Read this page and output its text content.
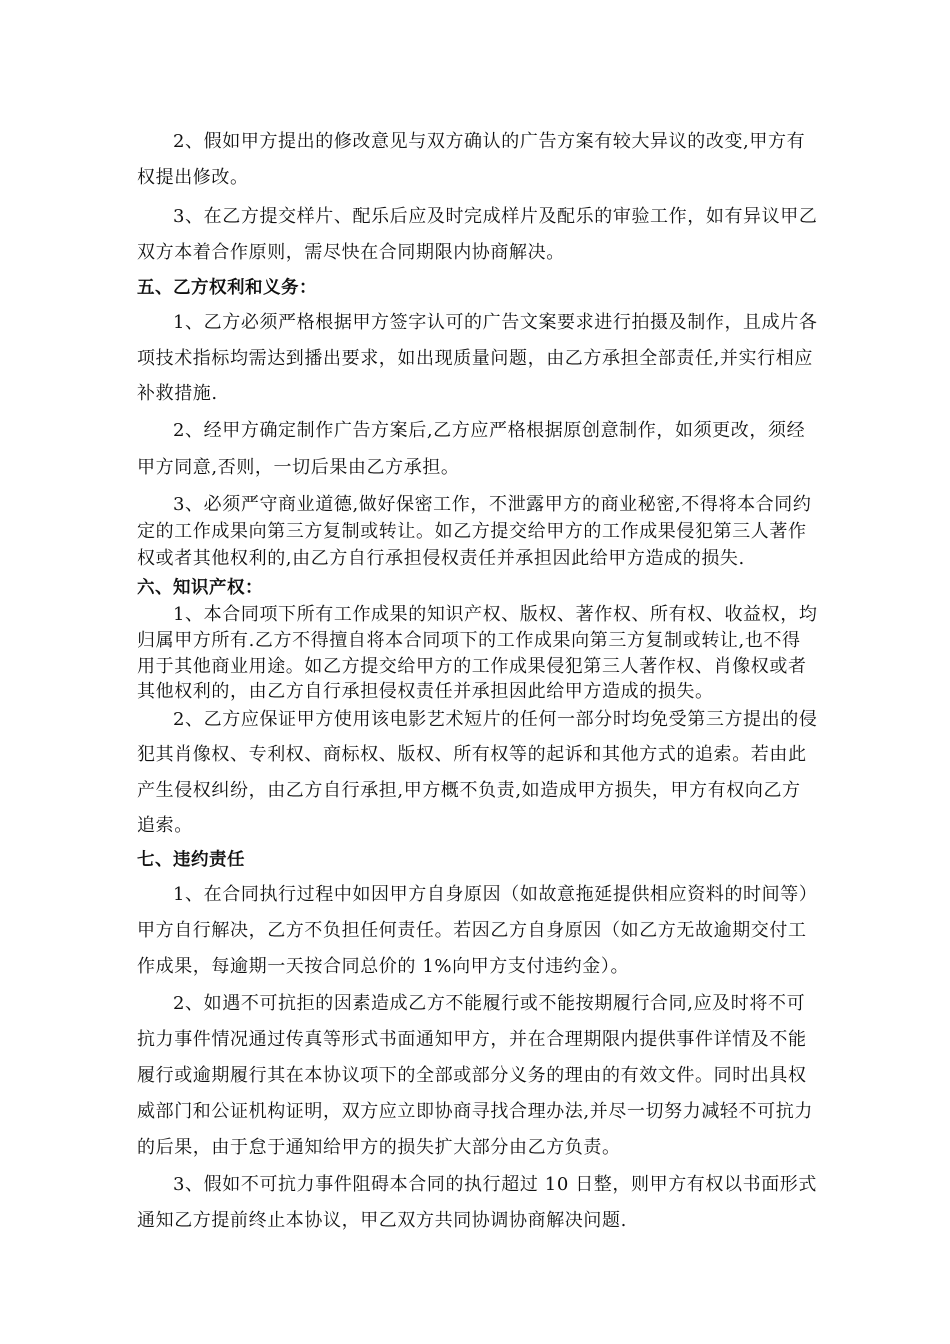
2、假如甲方提出的修改意见与双方确认的广告方案有较大异议的改变,甲方有
权提出修改。
3、在乙方提交样片、配乐后应及时完成样片及配乐的审验工作，如有异议甲乙
双方本着合作原则，需尽快在合同期限内协商解决。
五、乙方权利和义务：
1、乙方必须严格根据甲方签字认可的广告文案要求进行拍摄及制作，且成片各
项技术指标均需达到播出要求，如出现质量问题，由乙方承担全部责任,并实行相应
补救措施.
2、经甲方确定制作广告方案后,乙方应严格根据原创意制作，如须更改，须经
甲方同意,否则，一切后果由乙方承担。
3、必须严守商业道德,做好保密工作，不泄露甲方的商业秘密,不得将本合同约
定的工作成果向第三方复制或转让。如乙方提交给甲方的工作成果侵犯第三人著作
权或者其他权利的,由乙方自行承担侵权责任并承担因此给甲方造成的损失.
六、知识产权：
1、本合同项下所有工作成果的知识产权、版权、著作权、所有权、收益权，均
归属甲方所有.乙方不得擅自将本合同项下的工作成果向第三方复制或转让,也不得
用于其他商业用途。如乙方提交给甲方的工作成果侵犯第三人著作权、肖像权或者
其他权利的，由乙方自行承担侵权责任并承担因此给甲方造成的损失。
2、乙方应保证甲方使用该电影艺术短片的任何一部分时均免受第三方提出的侵
犯其肖像权、专利权、商标权、版权、所有权等的起诉和其他方式的追索。若由此
产生侵权纠纷，由乙方自行承担,甲方概不负责,如造成甲方损失，甲方有权向乙方
追索。
七、违约责任
1、在合同执行过程中如因甲方自身原因（如故意拖延提供相应资料的时间等）
甲方自行解决，乙方不负担任何责任。若因乙方自身原因（如乙方无故逾期交付工
作成果，每逾期一天按合同总价的 1%向甲方支付违约金）。
2、如遇不可抗拒的因素造成乙方不能履行或不能按期履行合同,应及时将不可
抗力事件情况通过传真等形式书面通知甲方，并在合理期限内提供事件详情及不能
履行或逾期履行其在本协议项下的全部或部分义务的理由的有效文件。同时出具权
威部门和公证机构证明，双方应立即协商寻找合理办法,并尽一切努力减轻不可抗力
的后果，由于怠于通知给甲方的损失扩大部分由乙方负责。
3、假如不可抗力事件阻碍本合同的执行超过 10 日整，则甲方有权以书面形式
通知乙方提前终止本协议，甲乙双方共同协调协商解决问题.
